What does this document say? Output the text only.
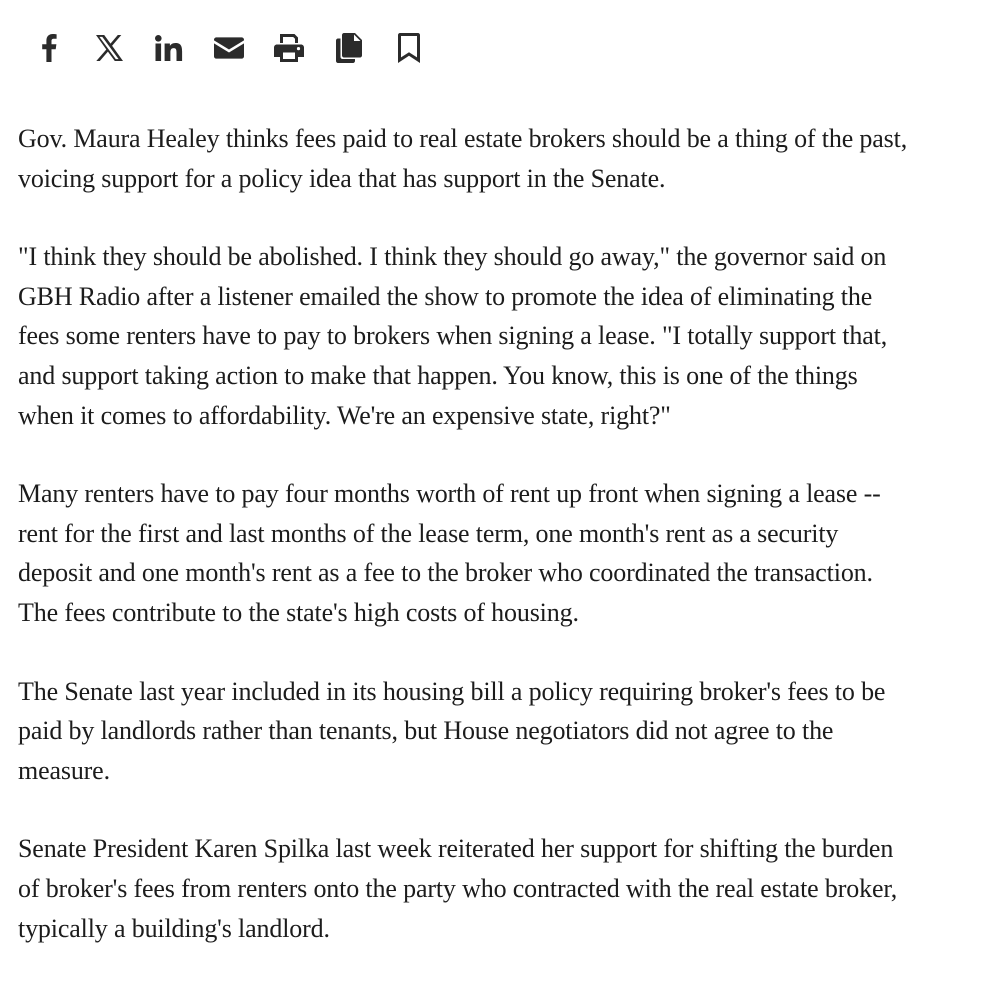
Gov. Maura Healey thinks fees paid to real estate brokers should be a thing of the past,
voicing support for a policy idea that has support in the Senate.

"I think they should be abolished. I think they should go away," the governor said on
GBH Radio after a listener emailed the show to promote the idea of eliminating the
fees some renters have to pay to brokers when signing a lease. "I totally support that,
and support taking action to make that happen. You know, this is one of the things
when it comes to affordability. We're an expensive state, right?"

Many renters have to pay four months worth of rent up front when signing a lease --
rent for the first and last months of the lease term, one month's rent as a security
deposit and one month's rent as a fee to the broker who coordinated the transaction.
The fees contribute to the state's high costs of housing.

The Senate last year included in its housing bill a policy requiring broker's fees to be
paid by landlords rather than tenants, but House negotiators did not agree to the
measure.

Senate President Karen Spilka last week reiterated her support for shifting the burden
of broker's fees from renters onto the party who contracted with the real estate broker,
typically a building's landlord.
